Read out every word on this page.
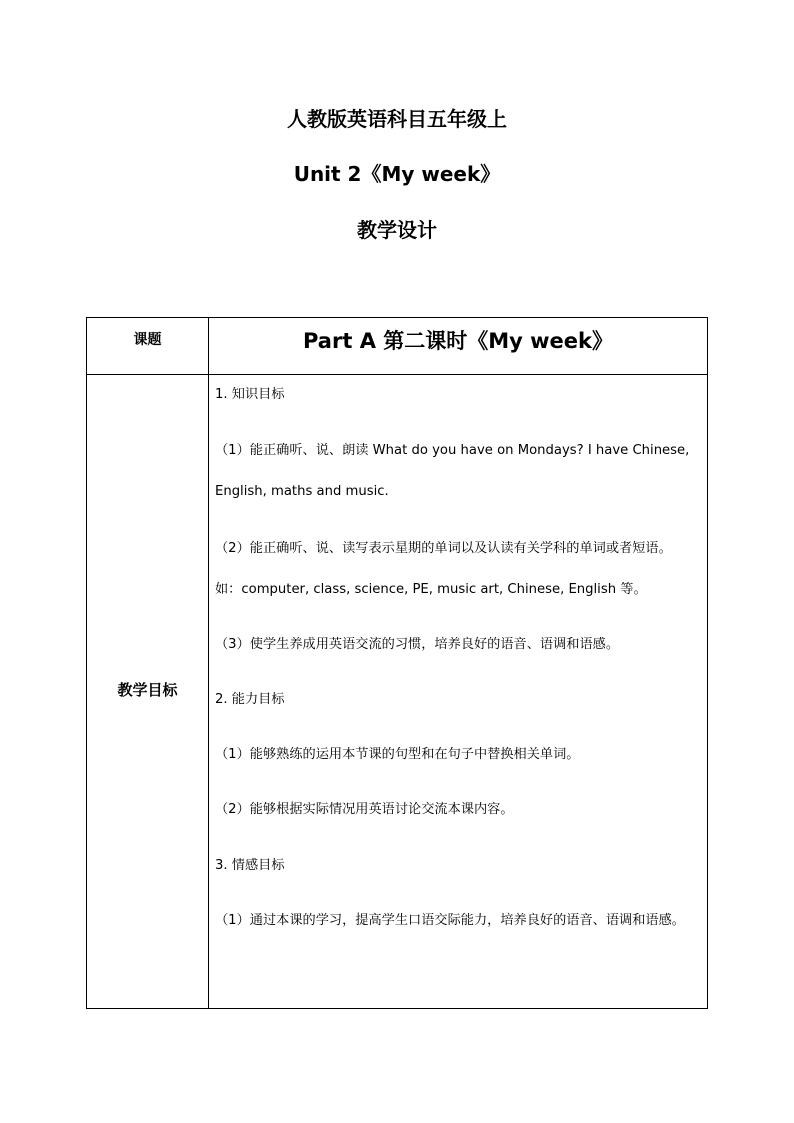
人教版英语科目五年级上
Unit 2《My week》
教学设计
课题	Part A 第二课时《My week》
教学目标
1. 知识目标
（1）能正确听、说、朗读 What do you have on Mondays? I have Chinese,
English, maths and music.
（2）能正确听、说、读写表示星期的单词以及认读有关学科的单词或者短语。
如：computer, class, science, PE, music art, Chinese, English 等。
（3）使学生养成用英语交流的习惯，培养良好的语音、语调和语感。
2. 能力目标
（1）能够熟练的运用本节课的句型和在句子中替换相关单词。
（2）能够根据实际情况用英语讨论交流本课内容。
3. 情感目标
（1）通过本课的学习，提高学生口语交际能力，培养良好的语音、语调和语感。
